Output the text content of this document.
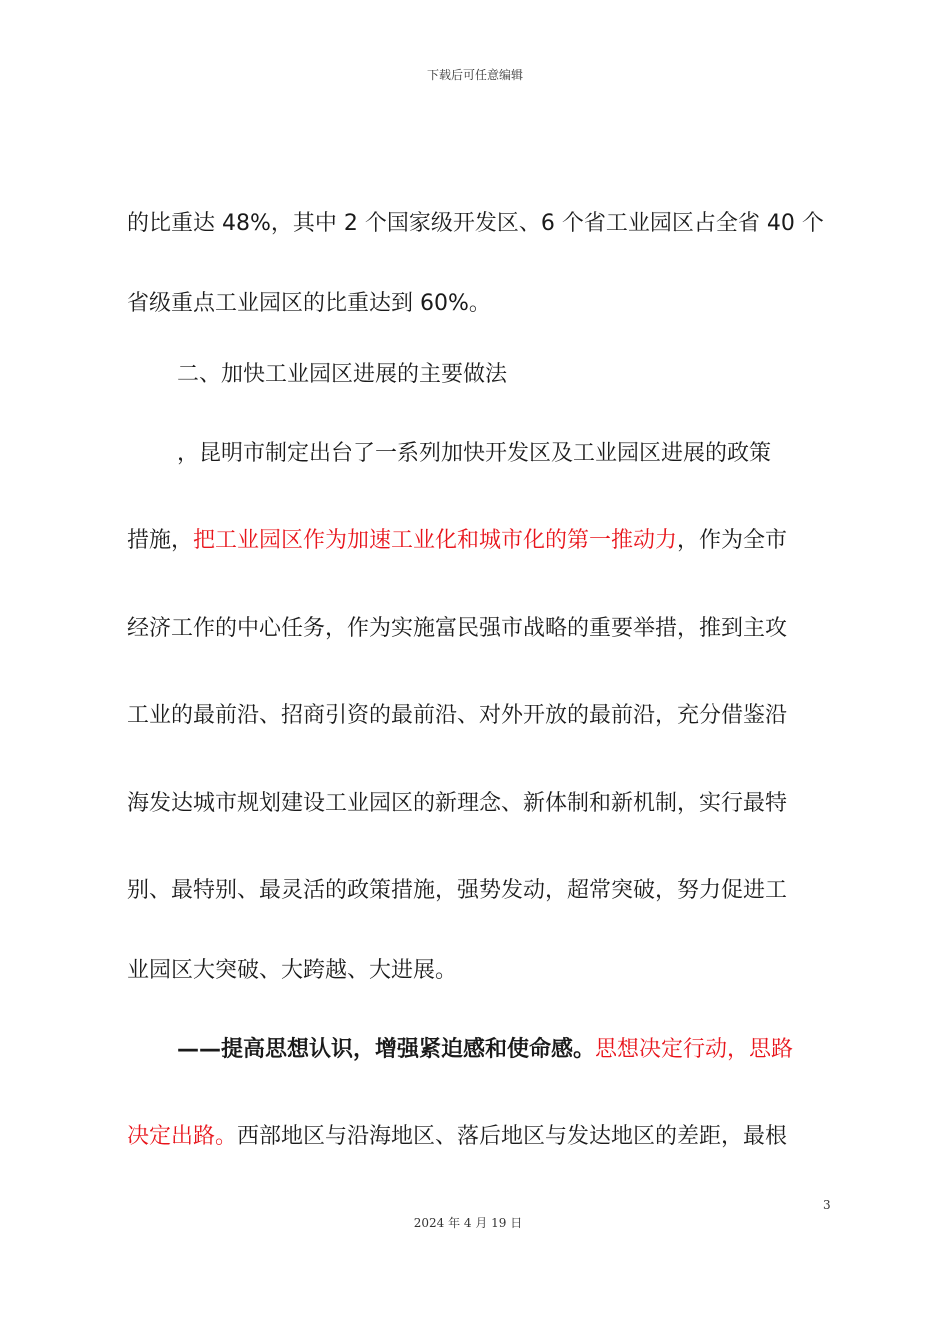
下载后可任意编辑
的比重达 48%，其中 2 个国家级开发区、6 个省工业园区占全省 40 个
省级重点工业园区的比重达到 60%。
二、加快工业园区进展的主要做法
，昆明市制定出台了一系列加快开发区及工业园区进展的政策
措施，把工业园区作为加速工业化和城市化的第一推动力，作为全市
经济工作的中心任务，作为实施富民强市战略的重要举措，推到主攻
工业的最前沿、招商引资的最前沿、对外开放的最前沿，充分借鉴沿
海发达城市规划建设工业园区的新理念、新体制和新机制，实行最特
别、最特别、最灵活的政策措施，强势发动，超常突破，努力促进工
业园区大突破、大跨越、大进展。
——提高思想认识，增强紧迫感和使命感。思想决定行动，思路
决定出路。西部地区与沿海地区、落后地区与发达地区的差距，最根
3
2024 年 4 月 19 日
